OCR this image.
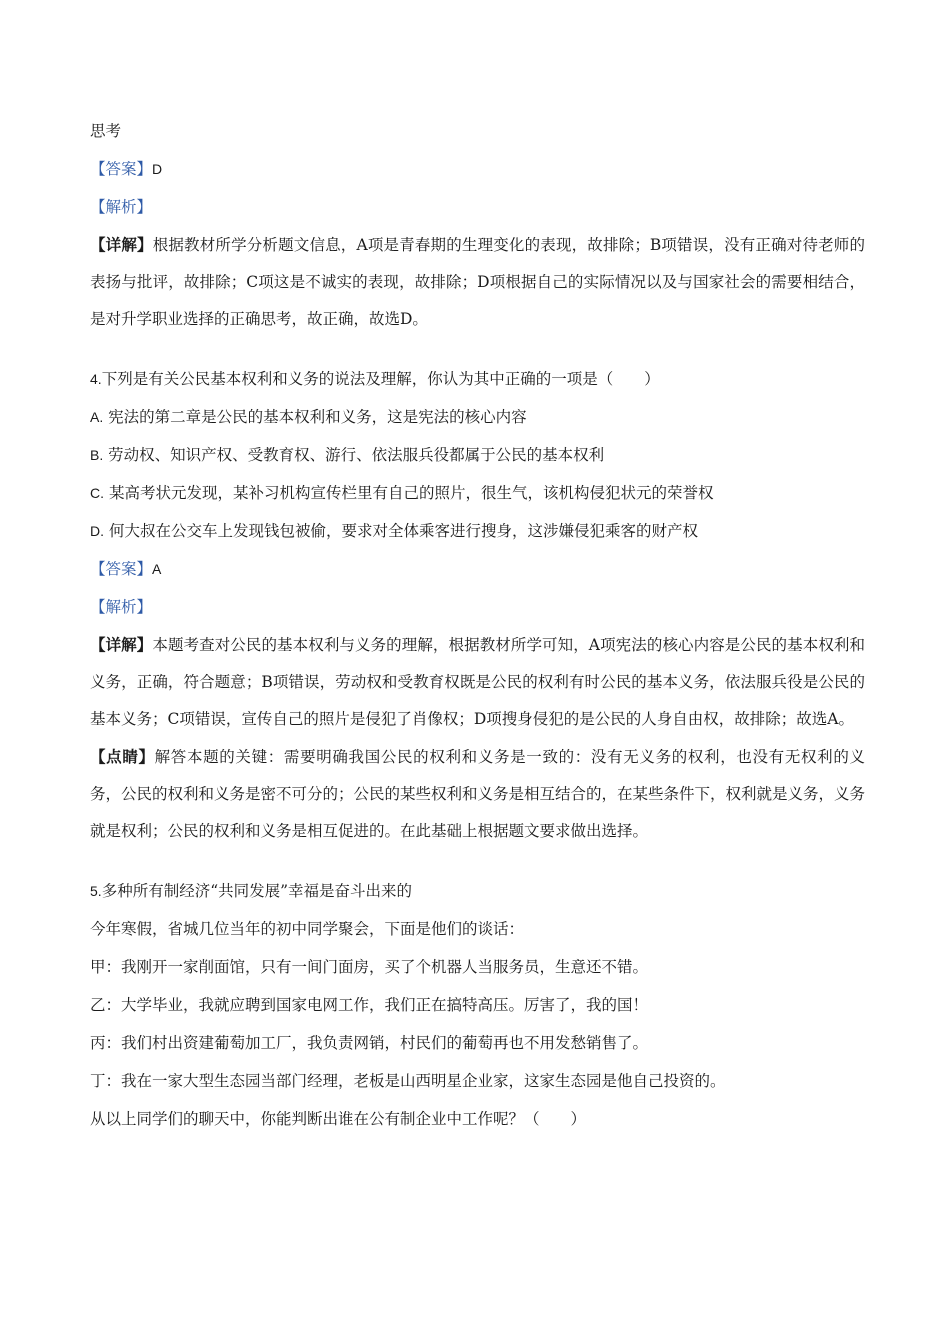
思考
【答案】D
【解析】
【详解】根据教材所学分析题文信息，A项是青春期的生理变化的表现，故排除；B项错误，没有正确对待老师的表扬与批评，故排除；C项这是不诚实的表现，故排除；D项根据自己的实际情况以及与国家社会的需要相结合，是对升学职业选择的正确思考，故正确，故选D。
4.下列是有关公民基本权利和义务的说法及理解，你认为其中正确的一项是（　　）
A. 宪法的第二章是公民的基本权利和义务，这是宪法的核心内容
B. 劳动权、知识产权、受教育权、游行、依法服兵役都属于公民的基本权利
C. 某高考状元发现，某补习机构宣传栏里有自己的照片，很生气，该机构侵犯状元的荣誉权
D. 何大叔在公交车上发现钱包被偷，要求对全体乘客进行搜身，这涉嫌侵犯乘客的财产权
【答案】A
【解析】
【详解】本题考查对公民的基本权利与义务的理解，根据教材所学可知，A项宪法的核心内容是公民的基本权利和义务，正确，符合题意；B项错误，劳动权和受教育权既是公民的权利有时公民的基本义务，依法服兵役是公民的基本义务；C项错误，宣传自己的照片是侵犯了肖像权；D项搜身侵犯的是公民的人身自由权，故排除；故选A。
【点睛】解答本题的关键：需要明确我国公民的权利和义务是一致的：没有无义务的权利，也没有无权利的义务，公民的权利和义务是密不可分的；公民的某些权利和义务是相互结合的，在某些条件下，权利就是义务，义务就是权利；公民的权利和义务是相互促进的。在此基础上根据题文要求做出选择。
5.多种所有制经济“共同发展”幸福是奋斗出来的
今年寒假，省城几位当年的初中同学聚会，下面是他们的谈话：
甲：我刚开一家削面馆，只有一间门面房，买了个机器人当服务员，生意还不错。
乙：大学毕业，我就应聘到国家电网工作，我们正在搞特高压。厉害了，我的国！
丙：我们村出资建葡萄加工厂，我负责网销，村民们的葡萄再也不用发愁销售了。
丁：我在一家大型生态园当部门经理，老板是山西明星企业家，这家生态园是他自己投资的。
从以上同学们的聊天中，你能判断出谁在公有制企业中工作呢？（　　）
